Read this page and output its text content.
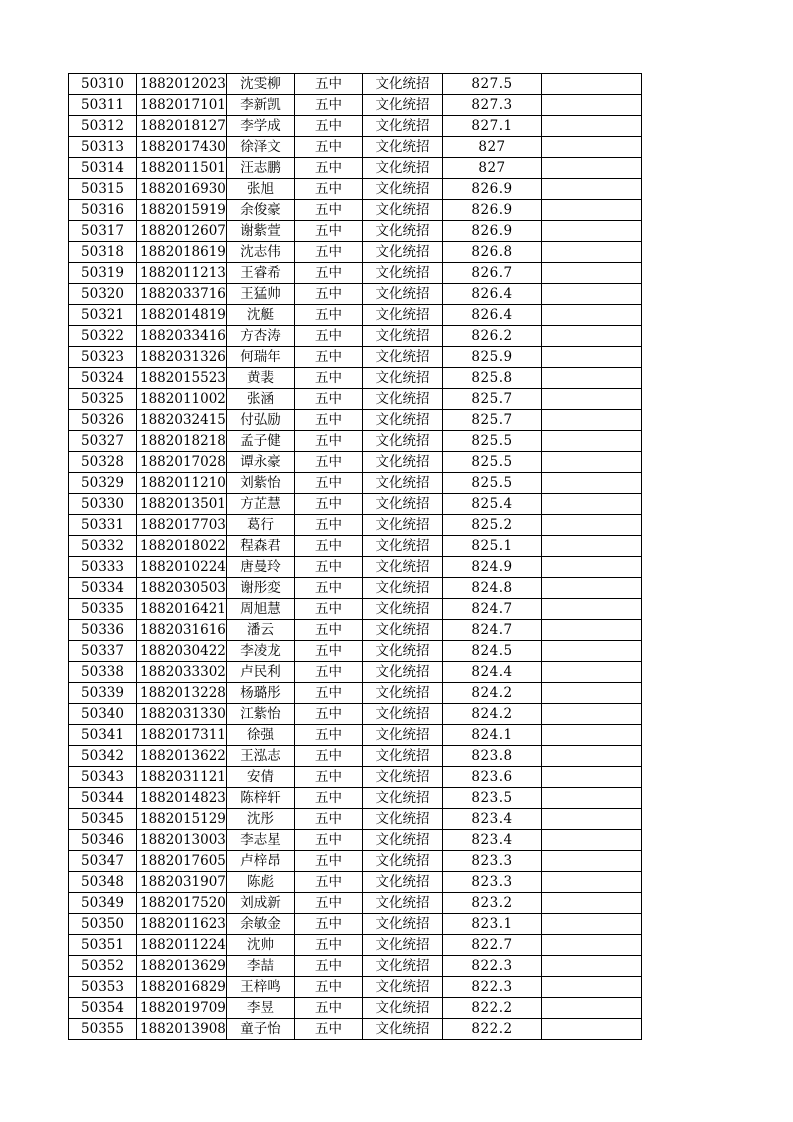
50310	1882012023	沈雯柳	五中	文化统招	827.5	
50311	1882017101	李新凯	五中	文化统招	827.3	
50312	1882018127	李学成	五中	文化统招	827.1	
50313	1882017430	徐泽文	五中	文化统招	827	
50314	1882011501	汪志鹏	五中	文化统招	827	
50315	1882016930	张旭	五中	文化统招	826.9	
50316	1882015919	余俊豪	五中	文化统招	826.9	
50317	1882012607	谢紫萱	五中	文化统招	826.9	
50318	1882018619	沈志伟	五中	文化统招	826.8	
50319	1882011213	王睿希	五中	文化统招	826.7	
50320	1882033716	王猛帅	五中	文化统招	826.4	
50321	1882014819	沈艇	五中	文化统招	826.4	
50322	1882033416	方杏涛	五中	文化统招	826.2	
50323	1882031326	何瑞年	五中	文化统招	825.9	
50324	1882015523	黄裴	五中	文化统招	825.8	
50325	1882011002	张涵	五中	文化统招	825.7	
50326	1882032415	付弘励	五中	文化统招	825.7	
50327	1882018218	孟子健	五中	文化统招	825.5	
50328	1882017028	谭永豪	五中	文化统招	825.5	
50329	1882011210	刘紫怡	五中	文化统招	825.5	
50330	1882013501	方芷慧	五中	文化统招	825.4	
50331	1882017703	葛行	五中	文化统招	825.2	
50332	1882018022	程森君	五中	文化统招	825.1	
50333	1882010224	唐曼玲	五中	文化统招	824.9	
50334	1882030503	谢彤変	五中	文化统招	824.8	
50335	1882016421	周旭慧	五中	文化统招	824.7	
50336	1882031616	潘云	五中	文化统招	824.7	
50337	1882030422	李凌龙	五中	文化统招	824.5	
50338	1882033302	卢民利	五中	文化统招	824.4	
50339	1882013228	杨璐彤	五中	文化统招	824.2	
50340	1882031330	江紫怡	五中	文化统招	824.2	
50341	1882017311	徐强	五中	文化统招	824.1	
50342	1882013622	王泓志	五中	文化统招	823.8	
50343	1882031121	安倩	五中	文化统招	823.6	
50344	1882014823	陈梓轩	五中	文化统招	823.5	
50345	1882015129	沈彤	五中	文化统招	823.4	
50346	1882013003	李志星	五中	文化统招	823.4	
50347	1882017605	卢梓昂	五中	文化统招	823.3	
50348	1882031907	陈彪	五中	文化统招	823.3	
50349	1882017520	刘成新	五中	文化统招	823.2	
50350	1882011623	余敏金	五中	文化统招	823.1	
50351	1882011224	沈帅	五中	文化统招	822.7	
50352	1882013629	李喆	五中	文化统招	822.3	
50353	1882016829	王梓鸣	五中	文化统招	822.3	
50354	1882019709	李昱	五中	文化统招	822.2	
50355	1882013908	童子怡	五中	文化统招	822.2	
